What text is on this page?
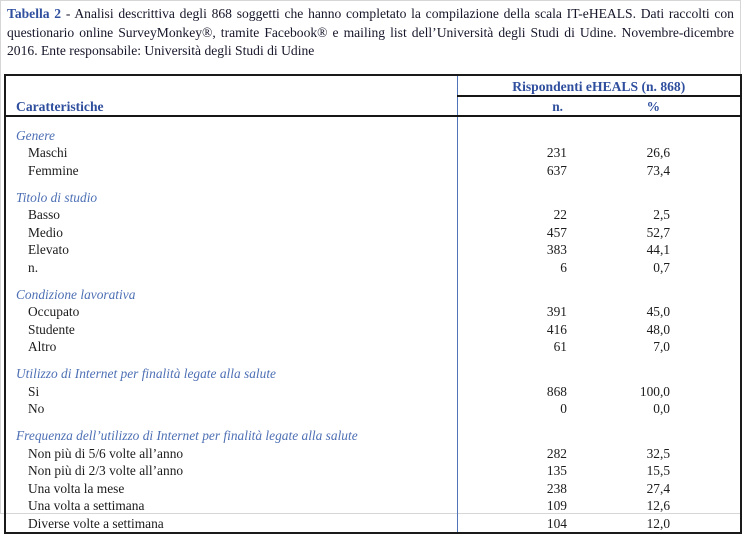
Tabella 2 - Analisi descrittiva degli 868 soggetti che hanno completato la compilazione della scala IT-eHEALS. Dati raccolti con questionario online SurveyMonkey®, tramite Facebook® e mailing list dell’Università degli Studi di Udine. Novembre-dicembre 2016. Ente responsabile: Università degli Studi di Udine

	Rispondenti eHEALS (n. 868)	
Caratteristiche	n.	%
Genere		
Maschi	231	26,6
Femmine	637	73,4
Titolo di studio		
Basso	22	2,5
Medio	457	52,7
Elevato	383	44,1
n.	6	0,7
Condizione lavorativa		
Occupato	391	45,0
Studente	416	48,0
Altro	61	7,0
Utilizzo di Internet per finalità legate alla salute		
Si	868	100,0
No	0	0,0
Frequenza dell’utilizzo di Internet per finalità legate alla salute		
Non più di 5/6 volte all’anno	282	32,5
Non più di 2/3 volte all’anno	135	15,5
Una volta la mese	238	27,4
Una volta a settimana	109	12,6
Diverse volte a settimana	104	12,0
